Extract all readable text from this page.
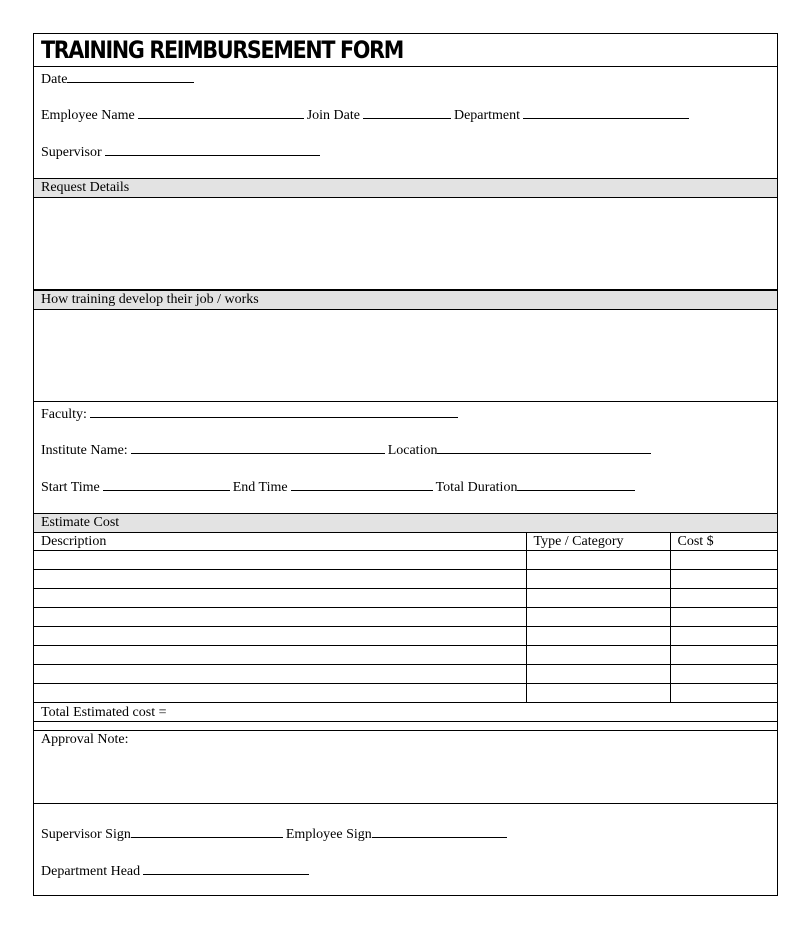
TRAINING REIMBURSEMENT FORM
Date
Employee Name	Join Date	Department
Supervisor
Request Details
How training develop their job / works
Faculty:
Institute Name:	Location
Start Time	End Time	Total Duration
Estimate Cost
Description	Type / Category	Cost $

Total Estimated cost =		

Approval Note:
Supervisor Sign	Employee Sign
Department Head
